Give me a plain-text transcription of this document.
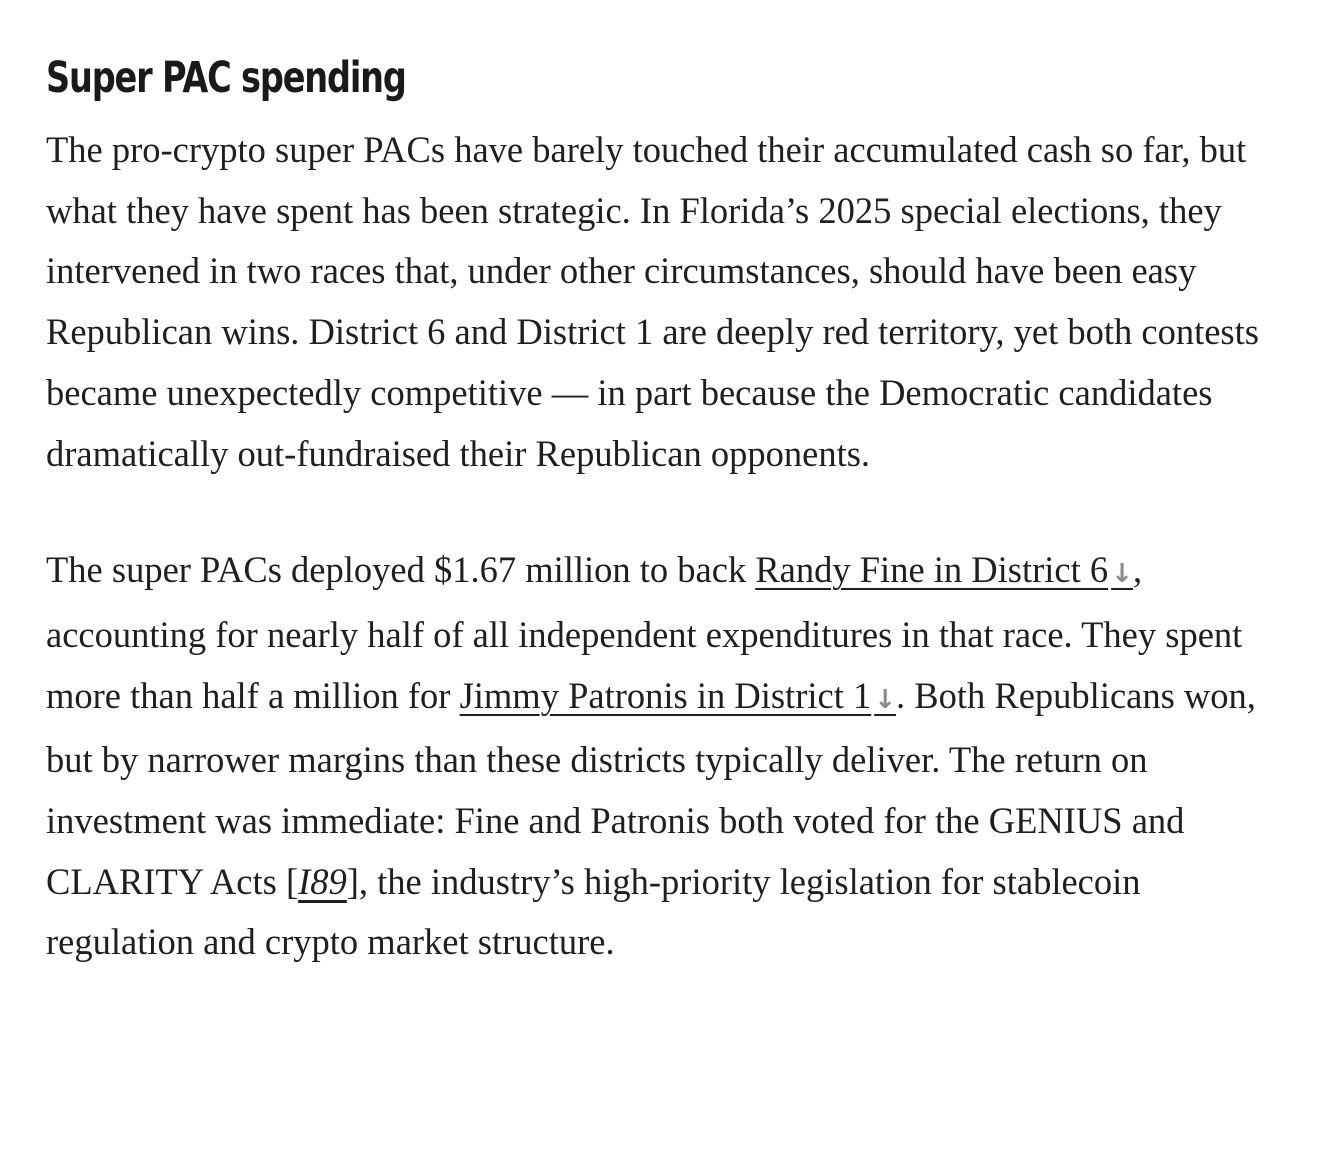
Super PAC spending

The pro-crypto super PACs have barely touched their accumulated cash so far, but what they have spent has been strategic. In Florida’s 2025 special elections, they intervened in two races that, under other circumstances, should have been easy Republican wins. District 6 and District 1 are deeply red territory, yet both contests became unexpectedly competitive — in part because the Democratic candidates dramatically out-fundraised their Republican opponents.

The super PACs deployed $1.67 million to back Randy Fine in District 6 ↓, accounting for nearly half of all independent expenditures in that race. They spent more than half a million for Jimmy Patronis in District 1 ↓. Both Republicans won, but by narrower margins than these districts typically deliver. The return on investment was immediate: Fine and Patronis both voted for the GENIUS and CLARITY Acts [I89], the industry’s high-priority legislation for stablecoin regulation and crypto market structure.
